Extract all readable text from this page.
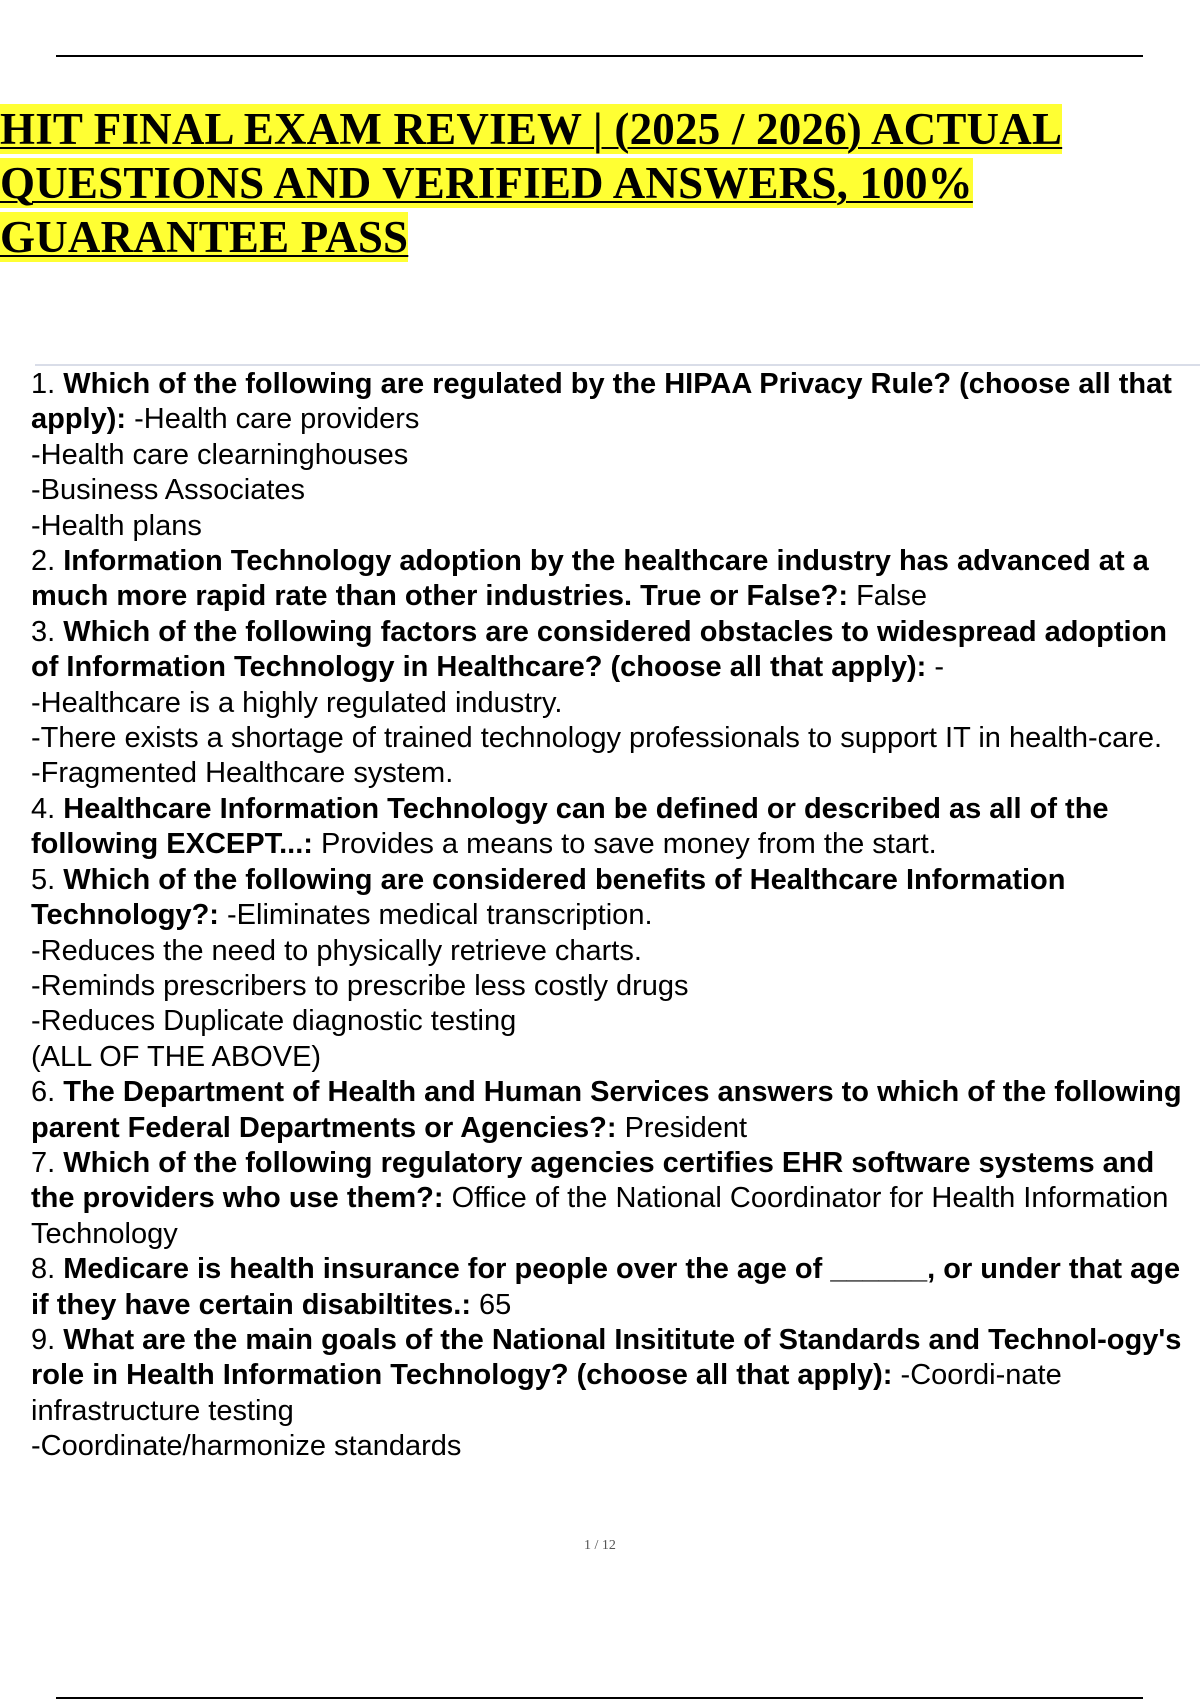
HIT FINAL EXAM REVIEW | (2025 / 2026) ACTUAL QUESTIONS AND VERIFIED ANSWERS, 100% GUARANTEE PASS

1. Which of the following are regulated by the HIPAA Privacy Rule? (choose all that apply): -Health care providers

-Health care clearninghouses

-Business Associates

-Health plans

2. Information Technology adoption by the healthcare industry has advanced at a much more rapid rate than other industries. True or False?: False

3. Which of the following factors are considered obstacles to widespread adoption of Information Technology in Healthcare? (choose all that apply): -

-Healthcare is a highly regulated industry.

-There exists a shortage of trained technology professionals to support IT in health-care.

-Fragmented Healthcare system.

4. Healthcare Information Technology can be defined or described as all of the following EXCEPT...: Provides a means to save money from the start.

5. Which of the following are considered benefits of Healthcare Information Technology?: -Eliminates medical transcription.

-Reduces the need to physically retrieve charts.

-Reminds prescribers to prescribe less costly drugs

-Reduces Duplicate diagnostic testing

(ALL OF THE ABOVE)

6. The Department of Health and Human Services answers to which of the following parent Federal Departments or Agencies?: President

7. Which of the following regulatory agencies certifies EHR software systems and the providers who use them?: Office of the National Coordinator for Health Information Technology

8. Medicare is health insurance for people over the age of ______, or under that age if they have certain disabiltites.: 65

9. What are the main goals of the National Insititute of Standards and Technol-ogy's role in Health Information Technology? (choose all that apply): -Coordi-nate infrastructure testing

-Coordinate/harmonize standards

1 / 12
